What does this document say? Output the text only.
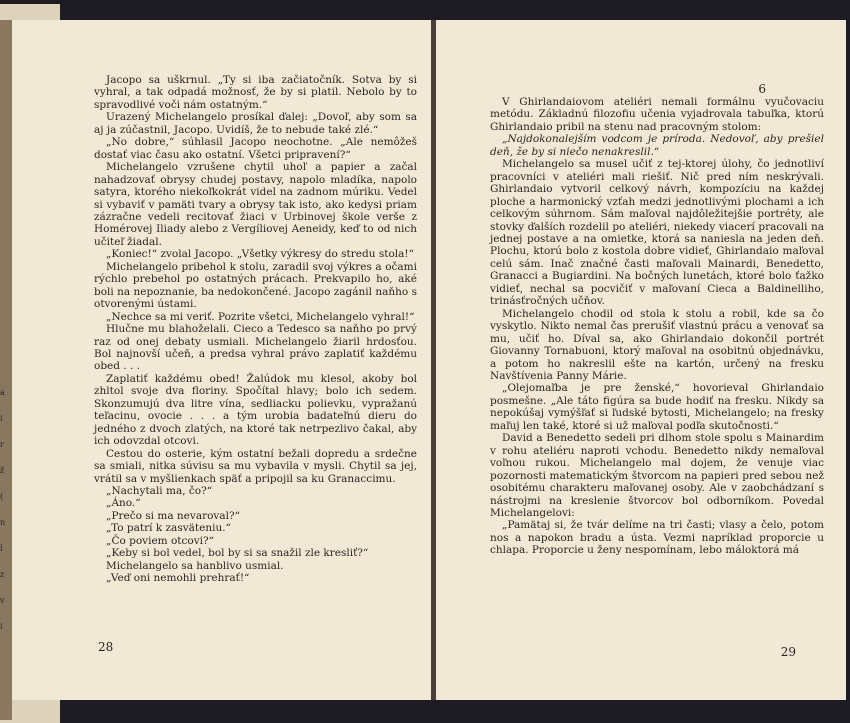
a
i
r
ž
(
n
l
z
v
i

Jacopo sa uškrnul. „Ty si iba začiatočník. Sotva by si vyhral, a tak odpadá možnosť, že by si platil. Nebolo by to spravodlivé voči nám ostatným.“

Urazený Michelangelo prosíkal ďalej: „Dovoľ, aby som sa aj ja zúčastnil, Jacopo. Uvidíš, že to nebude také zlé.“

„No dobre,“ súhlasil Jacopo neochotne. „Ale nemôžeš dostať viac času ako ostatní. Všetci pripravení?“

Michelangelo vzrušene chytil uhoľ a papier a začal nahadzovať obrysy chudej postavy, napolo mladíka, napolo satyra, ktorého niekoľkokrát videl na zadnom múriku. Vedel si vybaviť v pamäti tvary a obrysy tak isto, ako kedysi priam zázračne vedeli recitovať žiaci v Urbinovej škole verše z Homérovej Iliady alebo z Vergíliovej Aeneidy, keď to od nich učiteľ žiadal.

„Koniec!“ zvolal Jacopo. „Všetky výkresy do stredu stola!“

Michelangelo pribehol k stolu, zaradil svoj výkres a očami rýchlo prebehol po ostatných prácach. Prekvapilo ho, aké boli na nepoznanie, ba nedokončené. Jacopo zagánil naňho s otvorenými ústami.

„Nechce sa mi veriť. Pozrite všetci, Michelangelo vyhral!“

Hlučne mu blahoželali. Cieco a Tedesco sa naňho po prvý raz od onej debaty usmiali. Michelangelo žiaril hrdosťou. Bol najnovší učeň, a predsa vyhral právo zaplatiť každému obed . . .

Zaplatiť každému obed! Žalúdok mu klesol, akoby bol zhltol svoje dva floriny. Spočítal hlavy; bolo ich sedem. Skonzumujú dva litre vína, sedliacku polievku, vypražanú teľacinu, ovocie . . . a tým urobia badateľnú dieru do jedného z dvoch zlatých, na ktoré tak netrpezlivo čakal, aby ich odovzdal otcovi.

Cestou do osterie, kým ostatní bežali dopredu a srdečne sa smiali, nitka súvisu sa mu vybavila v mysli. Chytil sa jej, vrátil sa v myšlienkach späť a pripojil sa ku Granaccimu.

„Nachytali ma, čo?“

„Áno.“

„Prečo si ma nevaroval?“

„To patrí k zasväteniu.“

„Čo poviem otcovi?“

„Keby si bol vedel, bol by si sa snažil zle kresliť?“

Michelangelo sa hanblivo usmial.

„Veď oni nemohli prehrať!“

28
6

V Ghirlandaiovom ateliéri nemali formálnu vyučovaciu metódu. Základnú filozofiu učenia vyjadrovala tabuľka, ktorú Ghirlandaio pribil na stenu nad pracovným stolom:

„Najdokonalejším vodcom je príroda. Nedovoľ, aby prešiel deň, že by si niečo nenakreslil.“

Michelangelo sa musel učiť z tej-ktorej úlohy, čo jednotliví pracovníci v ateliéri mali riešiť. Nič pred ním neskrývali. Ghirlandaio vytvoril celkový návrh, kompozíciu na každej ploche a harmonický vzťah medzi jednotlivými plochami a ich celkovým súhrnom. Sám maľoval najdôležitejšie portréty, ale stovky ďalších rozdelil po ateliéri, niekedy viacerí pracovali na jednej postave a na omietke, ktorá sa naniesla na jeden deň. Plochu, ktorú bolo z kostola dobre vidieť, Ghirlandaio maľoval celú sám. Inač značné časti maľovali Mainardi, Benedetto, Granacci a Bugiardini. Na bočných lunetách, ktoré bolo ťažko vidieť, nechal sa pocvičiť v maľovaní Cieca a Baldinelliho, trinásťročných učňov.

Michelangelo chodil od stola k stolu a robil, kde sa čo vyskytlo. Nikto nemal čas prerušiť vlastnú prácu a venovať sa mu, učiť ho. Díval sa, ako Ghirlandaio dokončil portrét Giovanny Tornabuoni, ktorý maľoval na osobitnú objednávku, a potom ho nakreslil ešte na kartón, určený na fresku Navštívenia Panny Márie.

„Olejomaľba je pre ženské,“ hovorieval Ghirlandaio posmešne. „Ale táto figúra sa bude hodiť na fresku. Nikdy sa nepokúšaj vymýšľať si ľudské bytosti, Michelangelo; na fresky maľuj len také, ktoré si už maľoval podľa skutočnosti.“

David a Benedetto sedeli pri dlhom stole spolu s Mainardim v rohu ateliéru naproti vchodu. Benedetto nikdy nemaľoval voľnou rukou. Michelangelo mal dojem, že venuje viac pozornosti matematickým štvorcom na papieri pred sebou než osobitému charakteru maľovanej osoby. Ale v zaobchádzaní s nástrojmi na kreslenie štvorcov bol odborníkom. Povedal Michelangelovi:

„Pamätaj si, že tvár delíme na tri časti; vlasy a čelo, potom nos a napokon bradu a ústa. Vezmi napríklad proporcie u chlapa. Proporcie u ženy nespomínam, lebo máloktorá má

29
